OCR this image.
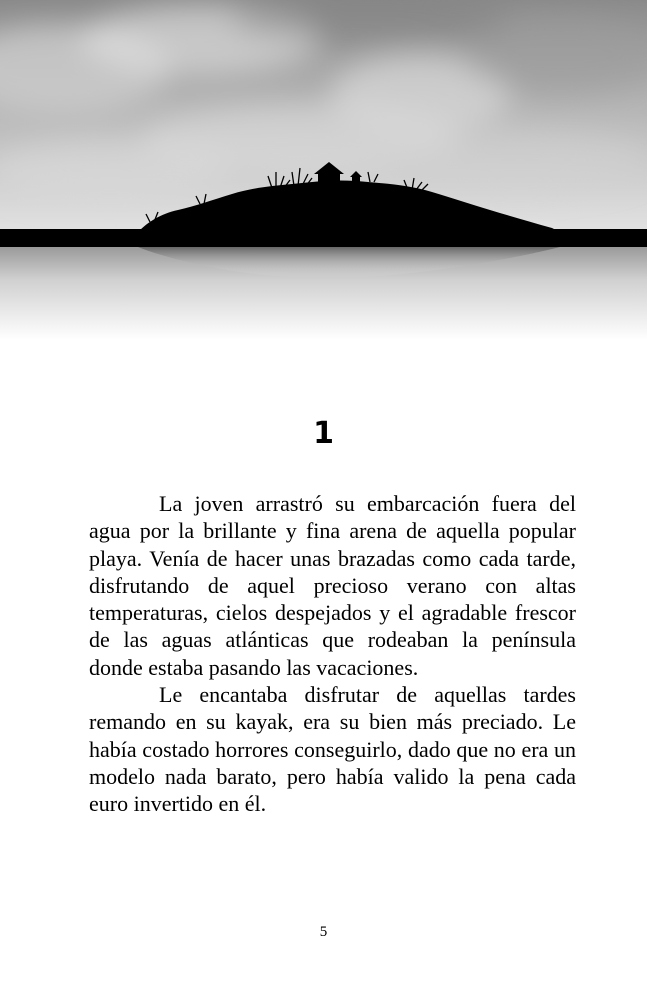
1

La joven arrastró su embarcación fuera del agua por la brillante y fina arena de aquella popular playa. Venía de hacer unas brazadas como cada tarde, disfrutando de aquel precioso verano con altas temperaturas, cielos despejados y el agradable frescor de las aguas atlánticas que rodeaban la península donde estaba pasando las vacaciones.

Le encantaba disfrutar de aquellas tardes remando en su kayak, era su bien más preciado. Le había costado horrores conseguirlo, dado que no era un modelo nada barato, pero había valido la pena cada euro invertido en él.

5
